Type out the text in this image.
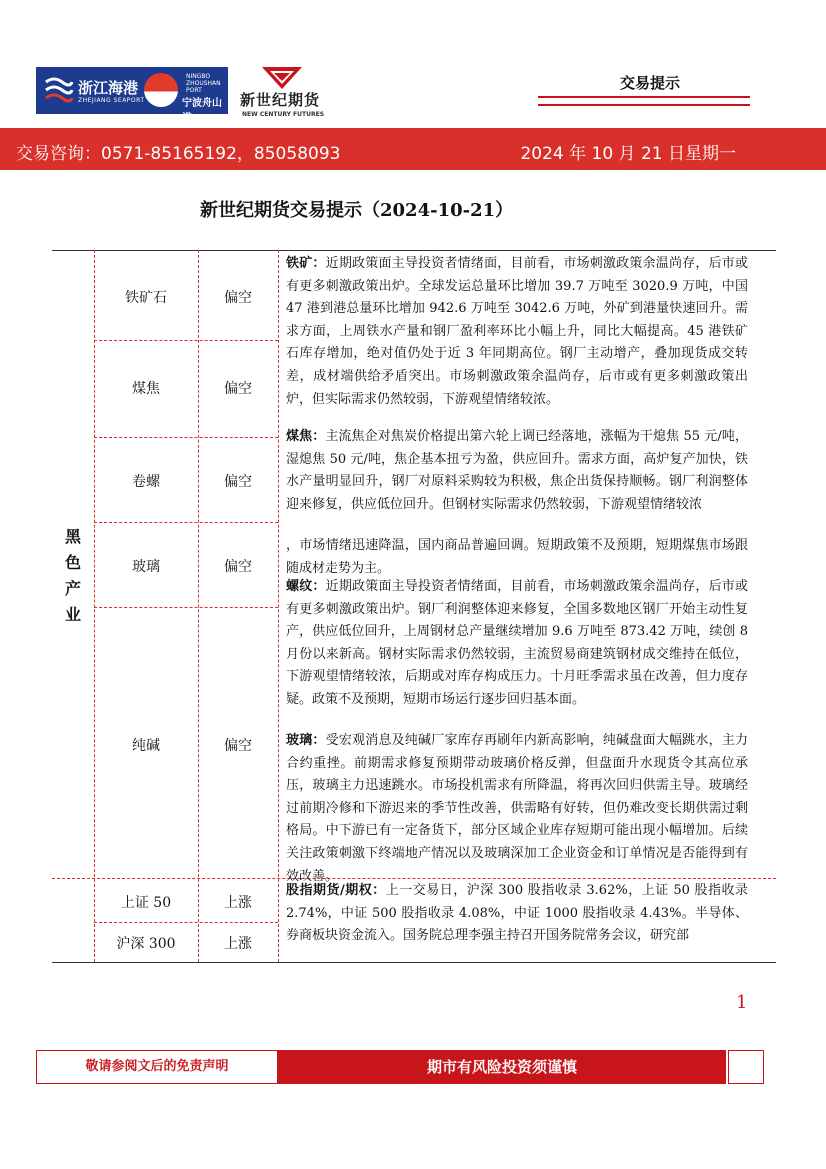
浙江海港
ZHEJIANG SEAPORT
NINGBO ZHOUSHAN PORT
宁波舟山港
新世纪期货
NEW CENTURY FUTURES
交易提示
交易咨询：0571-85165192，85058093	2024 年 10 月 21 日星期一
新世纪期货交易提示（2024-10-21）
黑
色
产
业
铁矿石	偏空
煤焦	偏空
卷螺	偏空
玻璃	偏空
纯碱	偏空
上证 50	上涨
沪深 300	上涨
铁矿：近期政策面主导投资者情绪面，目前看，市场刺激政策余温尚存，后市或有更多刺激政策出炉。全球发运总量环比增加 39.7 万吨至 3020.9 万吨，中国 47 港到港总量环比增加 942.6 万吨至 3042.6 万吨，外矿到港量快速回升。需求方面，上周铁水产量和钢厂盈利率环比小幅上升，同比大幅提高。45 港铁矿石库存增加，绝对值仍处于近 3 年同期高位。钢厂主动增产，叠加现货成交转差，成材端供给矛盾突出。市场刺激政策余温尚存，后市或有更多刺激政策出炉，但实际需求仍然较弱，下游观望情绪较浓。
煤焦：主流焦企对焦炭价格提出第六轮上调已经落地，涨幅为干熄焦 55 元/吨，湿熄焦 50 元/吨，焦企基本扭亏为盈，供应回升。需求方面，高炉复产加快，铁水产量明显回升，钢厂对原料采购较为积极，焦企出货保持顺畅。钢厂利润整体迎来修复，供应低位回升。但钢材实际需求仍然较弱，下游观望情绪较浓
，市场情绪迅速降温，国内商品普遍回调。短期政策不及预期，短期煤焦市场跟随成材走势为主。
螺纹：近期政策面主导投资者情绪面，目前看，市场刺激政策余温尚存，后市或有更多刺激政策出炉。钢厂利润整体迎来修复，全国多数地区钢厂开始主动性复产，供应低位回升，上周钢材总产量继续增加 9.6 万吨至 873.42 万吨，续创 8 月份以来新高。钢材实际需求仍然较弱，主流贸易商建筑钢材成交维持在低位，下游观望情绪较浓，后期或对库存构成压力。十月旺季需求虽在改善，但力度存疑。政策不及预期，短期市场运行逐步回归基本面。
玻璃：受宏观消息及纯碱厂家库存再刷年内新高影响，纯碱盘面大幅跳水，主力合约重挫。前期需求修复预期带动玻璃价格反弹，但盘面升水现货令其高位承压，玻璃主力迅速跳水。市场投机需求有所降温，将再次回归供需主导。玻璃经过前期冷修和下游迟来的季节性改善，供需略有好转，但仍难改变长期供需过剩格局。中下游已有一定备货下，部分区域企业库存短期可能出现小幅增加。后续关注政策刺激下终端地产情况以及玻璃深加工企业资金和订单情况是否能得到有效改善。
股指期货/期权：上一交易日，沪深 300 股指收录 3.62%，上证 50 股指收录 2.74%，中证 500 股指收录 4.08%，中证 1000 股指收录 4.43%。半导体、券商板块资金流入。国务院总理李强主持召开国务院常务会议，研究部
1
敬请参阅文后的免责声明	期市有风险投资须谨慎
